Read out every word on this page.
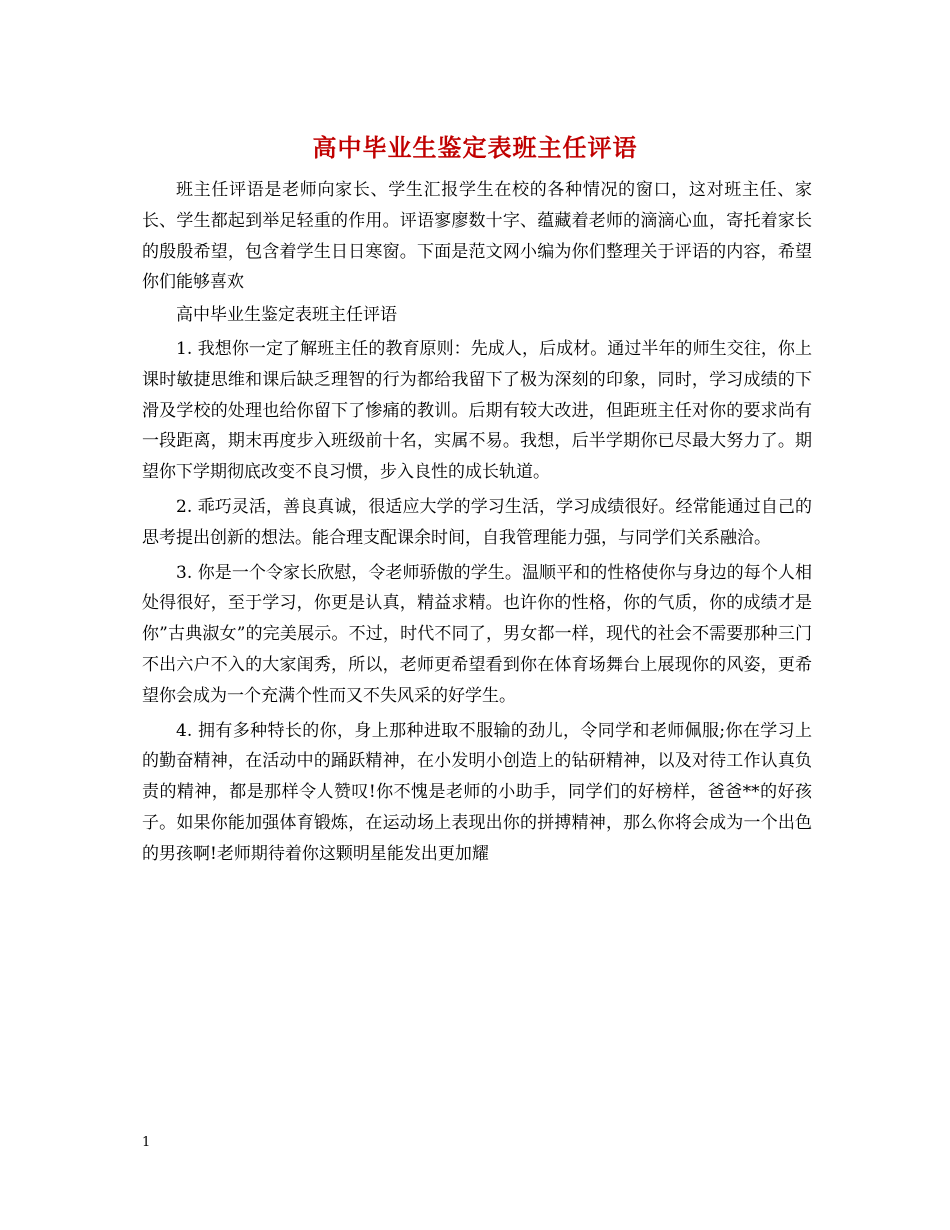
高中毕业生鉴定表班主任评语

班主任评语是老师向家长、学生汇报学生在校的各种情况的窗口，这对班主任、家长、学生都起到举足轻重的作用。评语寥廖数十字、蕴藏着老师的滴滴心血，寄托着家长的殷殷希望，包含着学生日日寒窗。下面是范文网小编为你们整理关于评语的内容，希望你们能够喜欢

高中毕业生鉴定表班主任评语

1. 我想你一定了解班主任的教育原则：先成人，后成材。通过半年的师生交往，你上课时敏捷思维和课后缺乏理智的行为都给我留下了极为深刻的印象，同时，学习成绩的下滑及学校的处理也给你留下了惨痛的教训。后期有较大改进，但距班主任对你的要求尚有一段距离，期末再度步入班级前十名，实属不易。我想，后半学期你已尽最大努力了。期望你下学期彻底改变不良习惯，步入良性的成长轨道。

2. 乖巧灵活，善良真诚，很适应大学的学习生活，学习成绩很好。经常能通过自己的思考提出创新的想法。能合理支配课余时间，自我管理能力强，与同学们关系融洽。

3. 你是一个令家长欣慰，令老师骄傲的学生。温顺平和的性格使你与身边的每个人相处得很好，至于学习，你更是认真，精益求精。也许你的性格，你的气质，你的成绩才是你”古典淑女”的完美展示。不过，时代不同了，男女都一样，现代的社会不需要那种三门不出六户不入的大家闺秀，所以，老师更希望看到你在体育场舞台上展现你的风姿，更希望你会成为一个充满个性而又不失风采的好学生。

4. 拥有多种特长的你，身上那种进取不服输的劲儿，令同学和老师佩服;你在学习上的勤奋精神，在活动中的踊跃精神，在小发明小创造上的钻研精神，以及对待工作认真负责的精神，都是那样令人赞叹!你不愧是老师的小助手，同学们的好榜样，爸爸**的好孩子。如果你能加强体育锻炼，在运动场上表现出你的拼搏精神，那么你将会成为一个出色的男孩啊!老师期待着你这颗明星能发出更加耀

1
